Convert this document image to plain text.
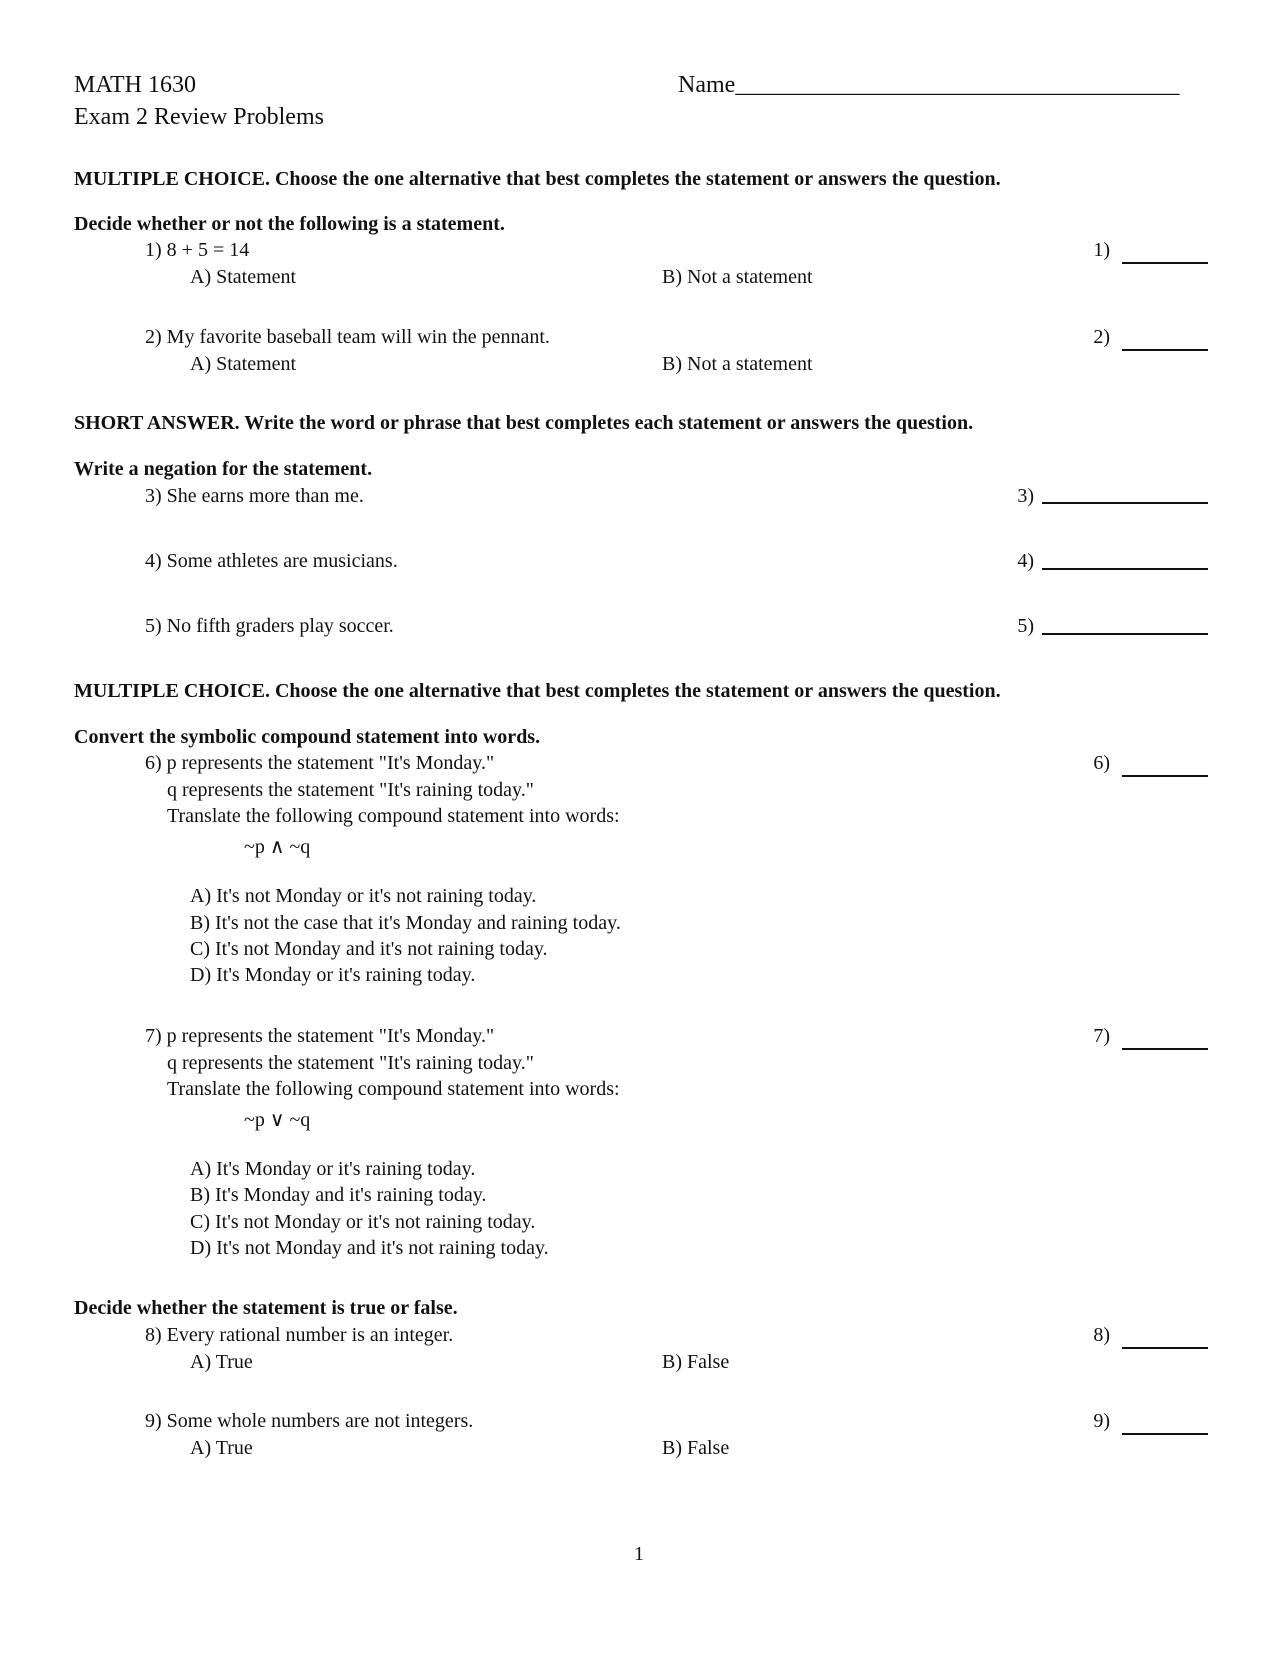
MATH 1630
Exam 2 Review Problems
Name_____________________________________
MULTIPLE CHOICE. Choose the one alternative that best completes the statement or answers the question.
Decide whether or not the following is a statement.
1) 8 + 5 = 14
A) Statement	B) Not a statement
1)
2) My favorite baseball team will win the pennant.
A) Statement	B) Not a statement
2)
SHORT ANSWER. Write the word or phrase that best completes each statement or answers the question.
Write a negation for the statement.
3) She earns more than me.	3)
4) Some athletes are musicians.	4)
5) No fifth graders play soccer.	5)
MULTIPLE CHOICE. Choose the one alternative that best completes the statement or answers the question.
Convert the symbolic compound statement into words.
6) p represents the statement "It's Monday."
q represents the statement "It's raining today."
Translate the following compound statement into words:
~p ∧ ~q
A) It's not Monday or it's not raining today.
B) It's not the case that it's Monday and raining today.
C) It's not Monday and it's not raining today.
D) It's Monday or it's raining today.
6)
7) p represents the statement "It's Monday."
q represents the statement "It's raining today."
Translate the following compound statement into words:
~p ∨ ~q
A) It's Monday or it's raining today.
B) It's Monday and it's raining today.
C) It's not Monday or it's not raining today.
D) It's not Monday and it's not raining today.
7)
Decide whether the statement is true or false.
8) Every rational number is an integer.
A) True	B) False
8)
9) Some whole numbers are not integers.
A) True	B) False
9)
1
